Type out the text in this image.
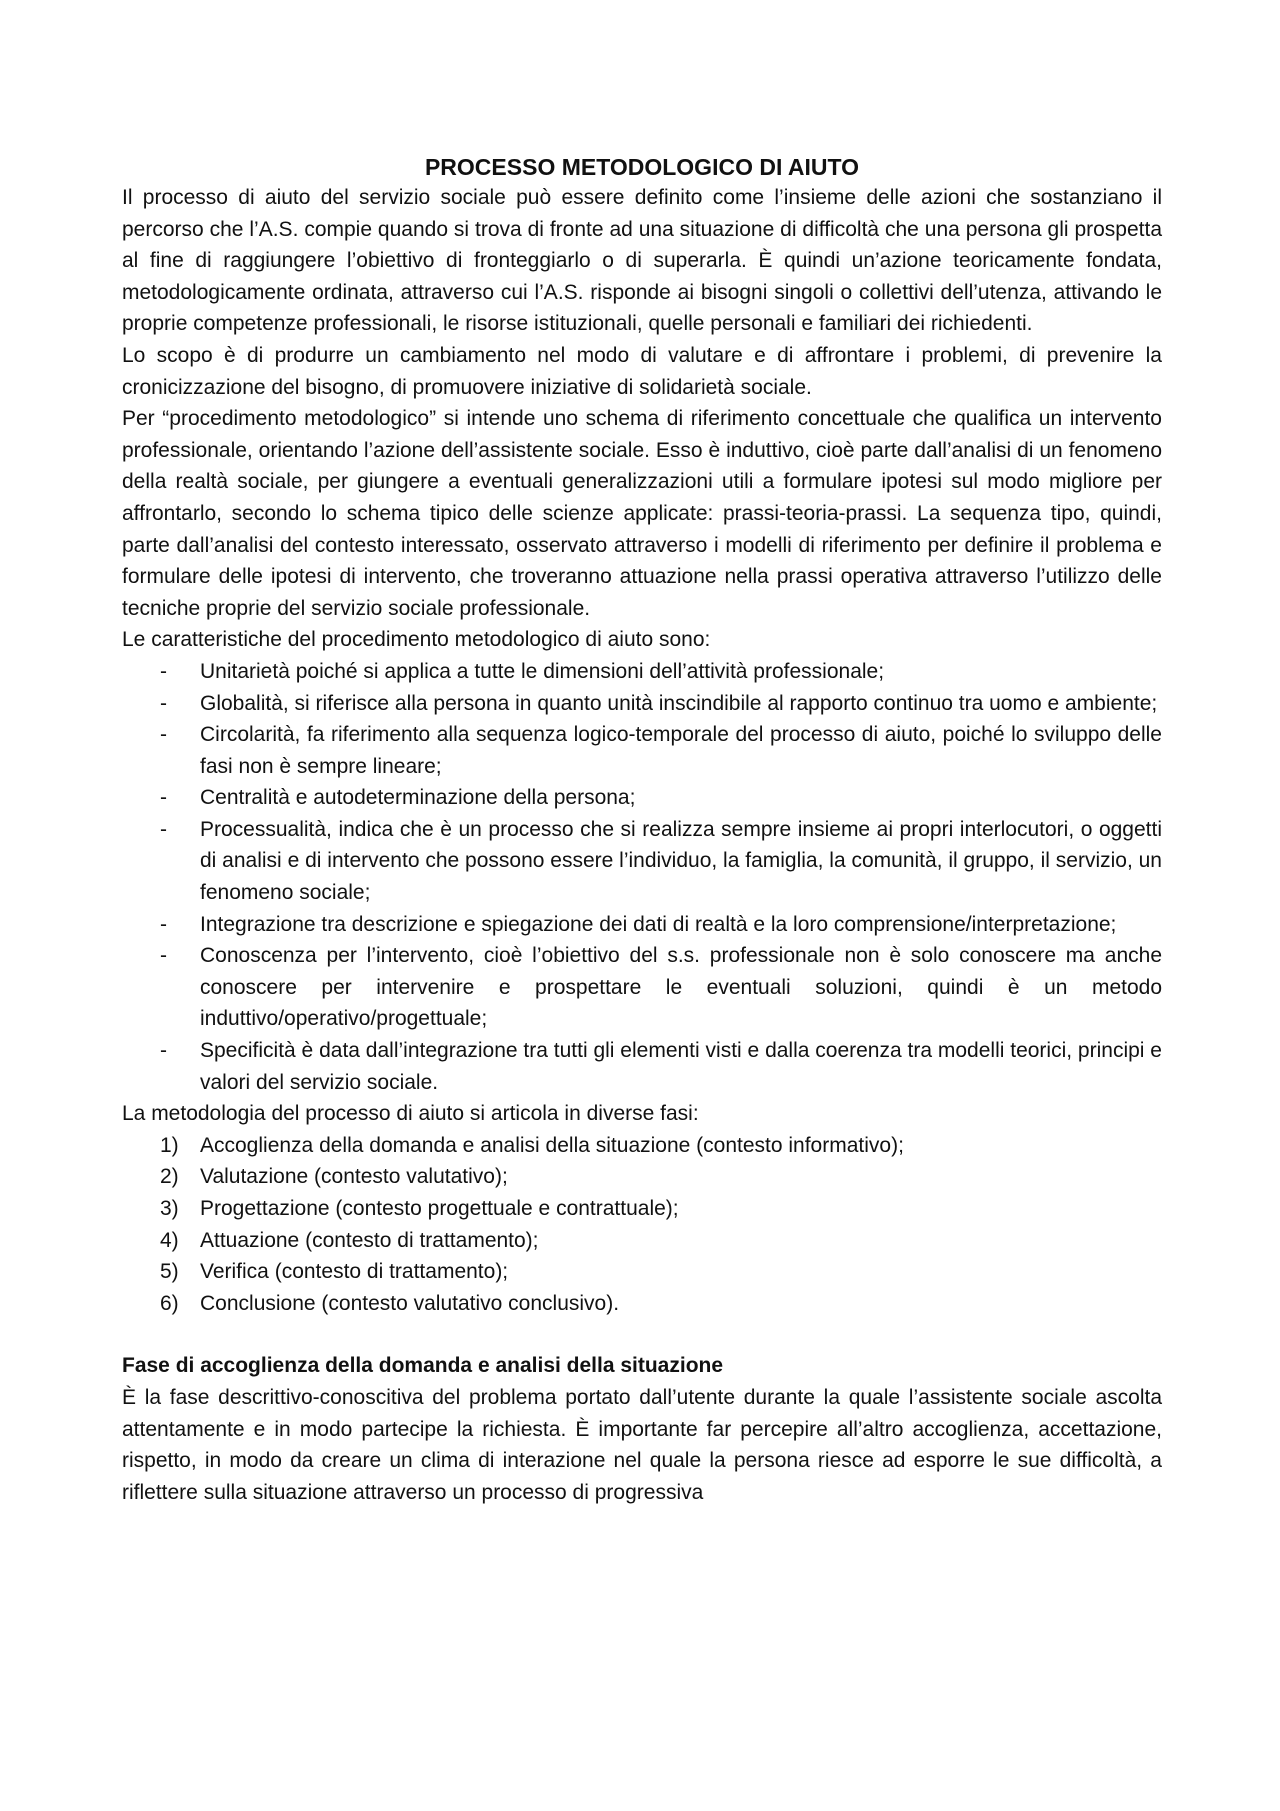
PROCESSO METODOLOGICO DI AIUTO

Il processo di aiuto del servizio sociale può essere definito come l’insieme delle azioni che sostanziano il percorso che l’A.S. compie quando si trova di fronte ad una situazione di difficoltà che una persona gli prospetta al fine di raggiungere l’obiettivo di fronteggiarlo o di superarla. È quindi un’azione teoricamente fondata, metodologicamente ordinata, attraverso cui l’A.S. risponde ai bisogni singoli o collettivi dell’utenza, attivando le proprie competenze professionali, le risorse istituzionali, quelle personali e familiari dei richiedenti.

Lo scopo è di produrre un cambiamento nel modo di valutare e di affrontare i problemi, di prevenire la cronicizzazione del bisogno, di promuovere iniziative di solidarietà sociale.

Per “procedimento metodologico” si intende uno schema di riferimento concettuale che qualifica un intervento professionale, orientando l’azione dell’assistente sociale. Esso è induttivo, cioè parte dall’analisi di un fenomeno della realtà sociale, per giungere a eventuali generalizzazioni utili a formulare ipotesi sul modo migliore per affrontarlo, secondo lo schema tipico delle scienze applicate: prassi-teoria-prassi. La sequenza tipo, quindi, parte dall’analisi del contesto interessato, osservato attraverso i modelli di riferimento per definire il problema e formulare delle ipotesi di intervento, che troveranno attuazione nella prassi operativa attraverso l’utilizzo delle tecniche proprie del servizio sociale professionale.

Le caratteristiche del procedimento metodologico di aiuto sono:

- Unitarietà poiché si applica a tutte le dimensioni dell’attività professionale;
- Globalità, si riferisce alla persona in quanto unità inscindibile al rapporto continuo tra uomo e ambiente;
- Circolarità, fa riferimento alla sequenza logico-temporale del processo di aiuto, poiché lo sviluppo delle fasi non è sempre lineare;
- Centralità e autodeterminazione della persona;
- Processualità, indica che è un processo che si realizza sempre insieme ai propri interlocutori, o oggetti di analisi e di intervento che possono essere l’individuo, la famiglia, la comunità, il gruppo, il servizio, un fenomeno sociale;
- Integrazione tra descrizione e spiegazione dei dati di realtà e la loro comprensione/interpretazione;
- Conoscenza per l’intervento, cioè l’obiettivo del s.s. professionale non è solo conoscere ma anche conoscere per intervenire e prospettare le eventuali soluzioni, quindi è un metodo induttivo/operativo/progettuale;
- Specificità è data dall’integrazione tra tutti gli elementi visti e dalla coerenza tra modelli teorici, principi e valori del servizio sociale.

La metodologia del processo di aiuto si articola in diverse fasi:

1) Accoglienza della domanda e analisi della situazione (contesto informativo);
2) Valutazione (contesto valutativo);
3) Progettazione (contesto progettuale e contrattuale);
4) Attuazione (contesto di trattamento);
5) Verifica (contesto di trattamento);
6) Conclusione (contesto valutativo conclusivo).

Fase di accoglienza della domanda e analisi della situazione

È la fase descrittivo-conoscitiva del problema portato dall’utente durante la quale l’assistente sociale ascolta attentamente e in modo partecipe la richiesta. È importante far percepire all’altro accoglienza, accettazione, rispetto, in modo da creare un clima di interazione nel quale la persona riesce ad esporre le sue difficoltà, a riflettere sulla situazione attraverso un processo di progressiva
